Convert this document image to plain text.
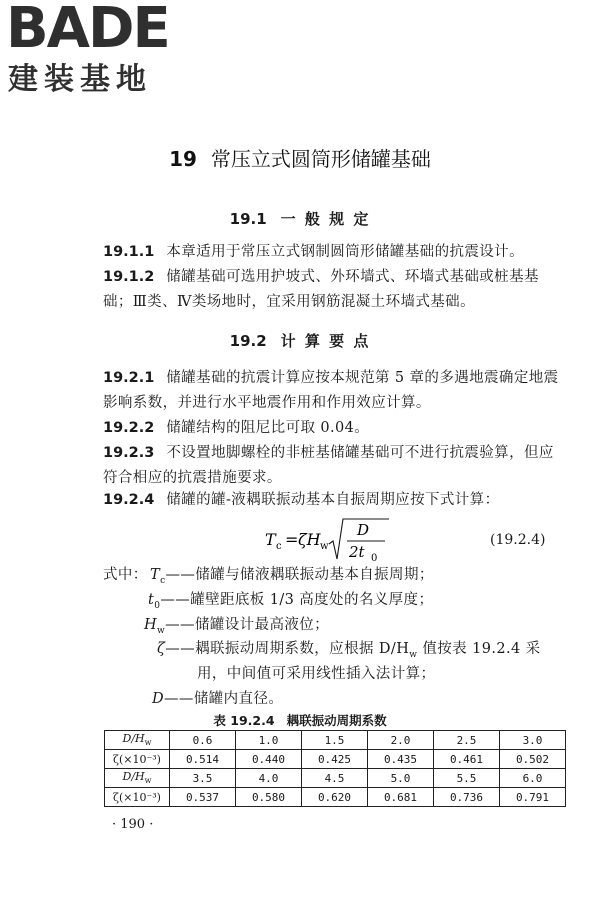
BADE
建装基地
19 常压立式圆筒形储罐基础
19.1 一 般 规 定
19.1.1 本章适用于常压立式钢制圆筒形储罐基础的抗震设计。
19.1.2 储罐基础可选用护坡式、外环墙式、环墙式基础或桩基基础；Ⅲ类、Ⅳ类场地时，宜采用钢筋混凝土环墙式基础。
19.2 计 算 要 点
19.2.1 储罐基础的抗震计算应按本规范第 5 章的多遇地震确定地震影响系数，并进行水平地震作用和作用效应计算。
19.2.2 储罐结构的阻尼比可取 0.04。
19.2.3 不设置地脚螺栓的非桩基储罐基础可不进行抗震验算，但应符合相应的抗震措施要求。
19.2.4 储罐的罐-液耦联振动基本自振周期应按下式计算：
T c = ζH w
D
2t 0
(19.2.4)
式中： $T_c——$储罐与储液耦联振动基本自振周期；
$t_0——$罐壁距底板 1/3 高度处的名义厚度；
$H_w——$储罐设计最高液位；
ζ——耦联振动周期系数，应根据 $D/H_w$ 值按表 19.2.4 采
用，中间值可采用线性插入法计算；
D——储罐内直径。
表 19.2.4 耦联振动周期系数
$D/H_w$	0.6	1.0	1.5	2.0	2.5	3.0
ζ(×10⁻³)	0.514	0.440	0.425	0.435	0.461	0.502
$D/H_w$	3.5	4.0	4.5	5.0	5.5	6.0
ζ(×10⁻³)	0.537	0.580	0.620	0.681	0.736	0.791
· 190 ·
